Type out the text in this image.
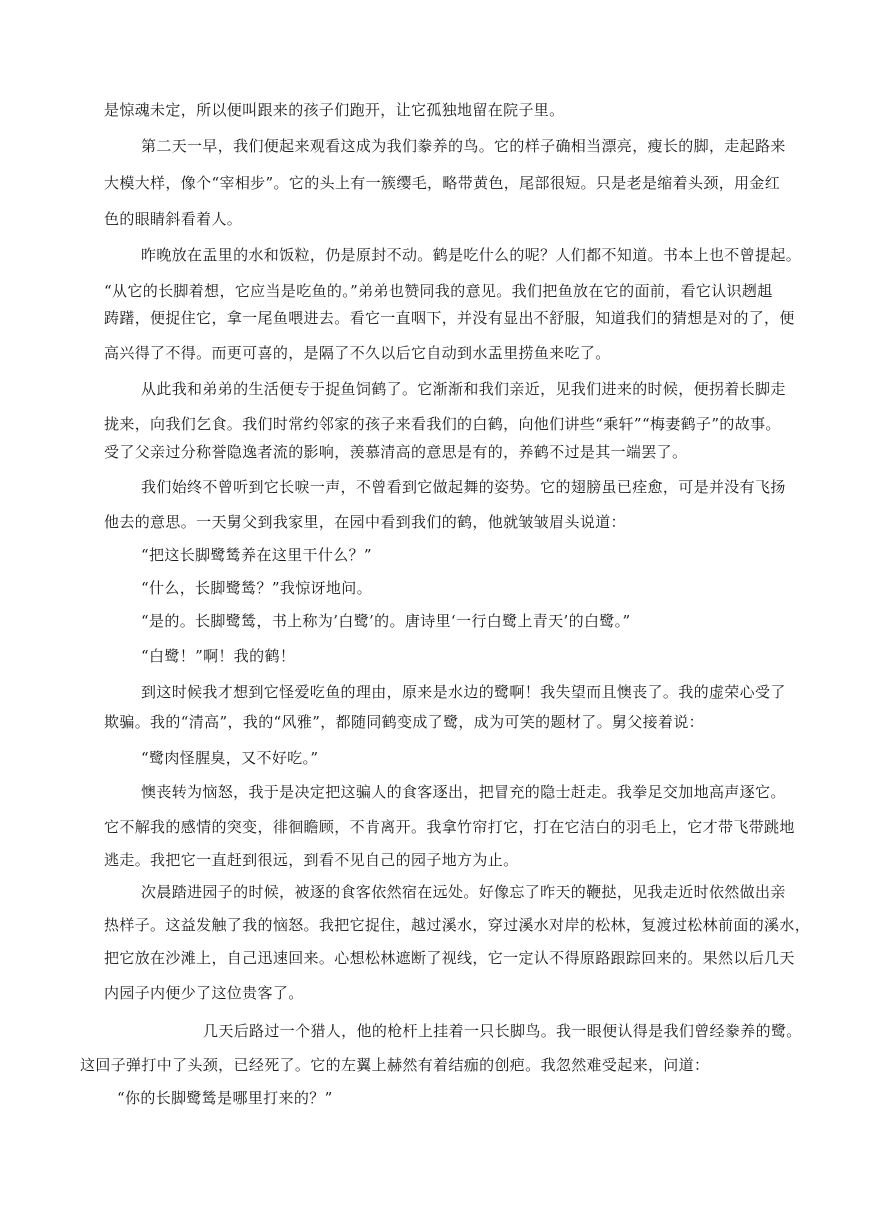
是惊魂未定，所以便叫跟来的孩子们跑开，让它孤独地留在院子里。
第二天一早，我们便起来观看这成为我们豢养的鸟。它的样子确相当漂亮，瘦长的脚，走起路来
大模大样，像个“宰相步”。它的头上有一簇缨毛，略带黄色，尾部很短。只是老是缩着头颈，用金红
色的眼睛斜看着人。
昨晚放在盂里的水和饭粒，仍是原封不动。鹤是吃什么的呢？人们都不知道。书本上也不曾提起。
“从它的长脚着想，它应当是吃鱼的。”弟弟也赞同我的意见。我们把鱼放在它的面前，看它认识趔趄
踌躇，便捉住它，拿一尾鱼喂进去。看它一直咽下，并没有显出不舒服，知道我们的猜想是对的了，便
高兴得了不得。而更可喜的，是隔了不久以后它自动到水盂里捞鱼来吃了。
从此我和弟弟的生活便专于捉鱼饲鹤了。它渐渐和我们亲近，见我们进来的时候，便拐着长脚走
拢来，向我们乞食。我们时常约邻家的孩子来看我们的白鹤，向他们讲些“乘轩”“梅妻鹤子”的故事。
受了父亲过分称誉隐逸者流的影响，羡慕清高的意思是有的，养鹤不过是其一端罢了。
我们始终不曾听到它长唳一声，不曾看到它做起舞的姿势。它的翅膀虽已痊愈，可是并没有飞扬
他去的意思。一天舅父到我家里，在园中看到我们的鹤，他就皱皱眉头说道：
“把这长脚鹭鸶养在这里干什么？”
“什么，长脚鹭鸶？”我惊讶地问。
“是的。长脚鹭鸶，书上称为’白鹭’的。唐诗里‘一行白鹭上青天’的白鹭。”
“白鹭！”啊！我的鹤！
到这时候我才想到它怪爱吃鱼的理由，原来是水边的鹭啊！我失望而且懊丧了。我的虚荣心受了
欺骗。我的“清高”，我的“风雅”，都随同鹤变成了鹭，成为可笑的题材了。舅父接着说：
“鹭肉怪腥臭，又不好吃。”
懊丧转为恼怒，我于是决定把这骗人的食客逐出，把冒充的隐士赶走。我拳足交加地高声逐它。
它不解我的感情的突变，徘徊瞻顾，不肯离开。我拿竹帘打它，打在它洁白的羽毛上，它才带飞带跳地
逃走。我把它一直赶到很远，到看不见自己的园子地方为止。
次晨踏进园子的时候，被逐的食客依然宿在远处。好像忘了昨天的鞭挞，见我走近时依然做出亲
热样子。这益发触了我的恼怒。我把它捉住，越过溪水，穿过溪水对岸的松林，复渡过松林前面的溪水，
把它放在沙滩上，自己迅速回来。心想松林遮断了视线，它一定认不得原路跟踪回来的。果然以后几天
内园子内便少了这位贵客了。
几天后路过一个猎人，他的枪杆上挂着一只长脚鸟。我一眼便认得是我们曾经豢养的鹭。
这回子弹打中了头颈，已经死了。它的左翼上赫然有着结痂的创疤。我忽然难受起来，问道：
“你的长脚鹭鸶是哪里打来的？”
